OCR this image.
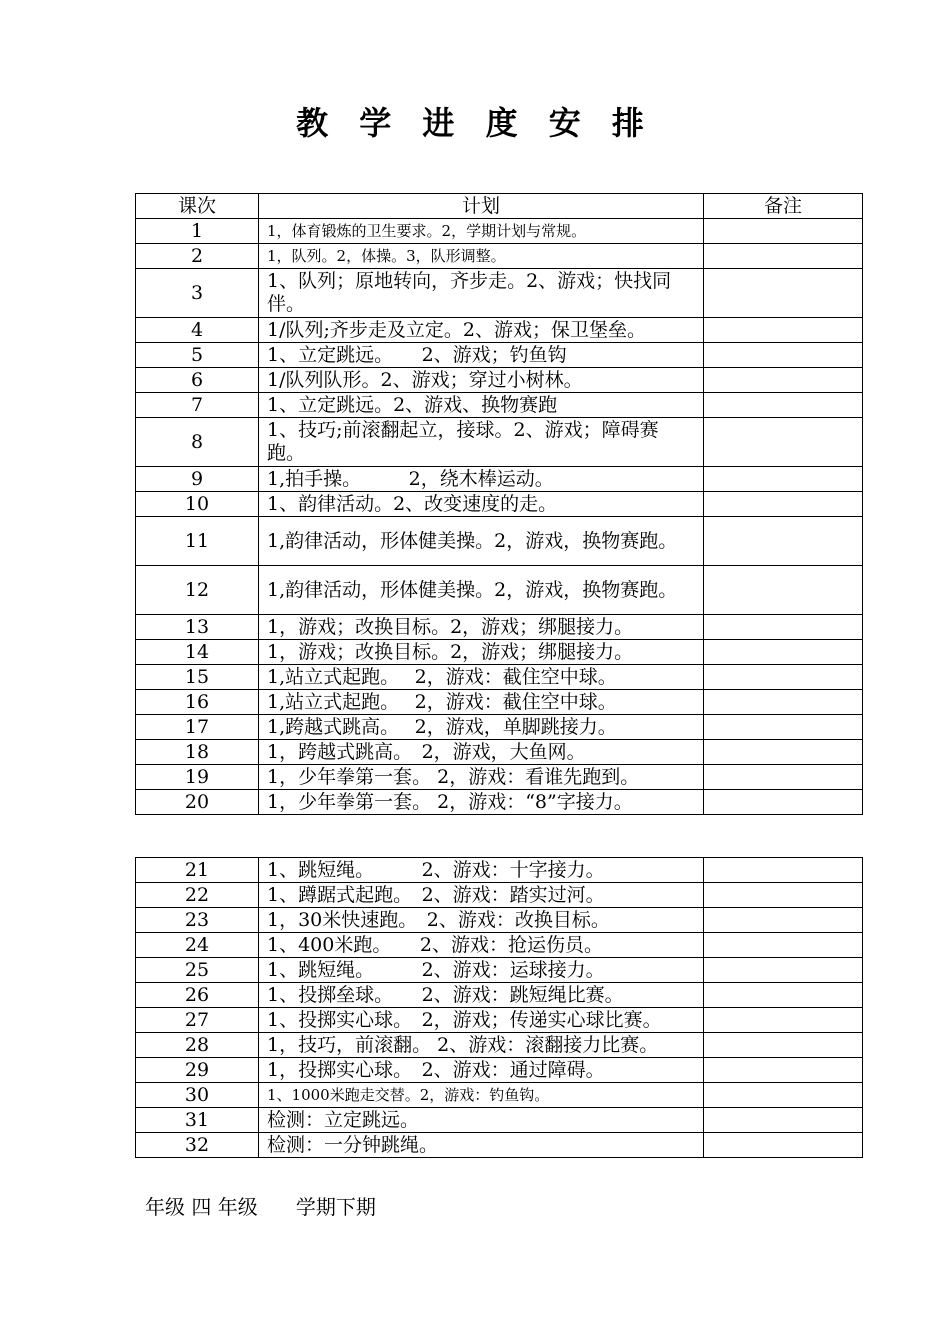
教 学 进 度 安 排
课次	计划	备注
1	1，体育锻炼的卫生要求。2，学期计划与常规。	
2	1，队列。2，体操。3，队形调整。	
3	1、队列；原地转向，齐步走。2、游戏；快找同伴。	
4	1/队列;齐步走及立定。2、游戏；保卫堡垒。	
5	1、立定跳远。　　2、游戏；钓鱼钩	
6	1/队列队形。2、游戏；穿过小树林。	
7	1、立定跳远。2、游戏、换物赛跑	
8	1、技巧;前滚翻起立，接球。2、游戏；障碍赛跑。	
9	1,拍手操。　　　2，绕木棒运动。	
10	1、韵律活动。2、改变速度的走。	
11	1,韵律活动，形体健美操。2，游戏，换物赛跑。	
12	1,韵律活动，形体健美操。2，游戏，换物赛跑。	
13	1，游戏；改换目标。2，游戏；绑腿接力。	
14	1，游戏；改换目标。2，游戏；绑腿接力。	
15	1,站立式起跑。　 2，游戏：截住空中球。	
16	1,站立式起跑。　 2，游戏：截住空中球。	
17	1,跨越式跳高。　 2，游戏，单脚跳接力。	
18	1，跨越式跳高。　2，游戏，大鱼网。	
19	1，少年拳第一套。 2，游戏：看谁先跑到。	
20	1，少年拳第一套。 2，游戏：“8”字接力。	
21	1、跳短绳。　　　2、游戏：十字接力。	
22	1、蹲踞式起跑。　2、游戏：踏实过河。	
23	1，30米快速跑。　2、游戏：改换目标。	
24	1、400米跑。　　2、游戏：抢运伤员。	
25	1、跳短绳。　　　2、游戏：运球接力。	
26	1、投掷垒球。　　2、游戏：跳短绳比赛。	
27	1、投掷实心球。　2，游戏；传递实心球比赛。	
28	1，技巧，前滚翻。 2、游戏：滚翻接力比赛。	
29	1，投掷实心球。　2、游戏：通过障碍。	
30	1、1000米跑走交替。2，游戏：钓鱼钩。	
31	检测：立定跳远。	
32	检测：一分钟跳绳。	
年级 四 年级 学期下期
